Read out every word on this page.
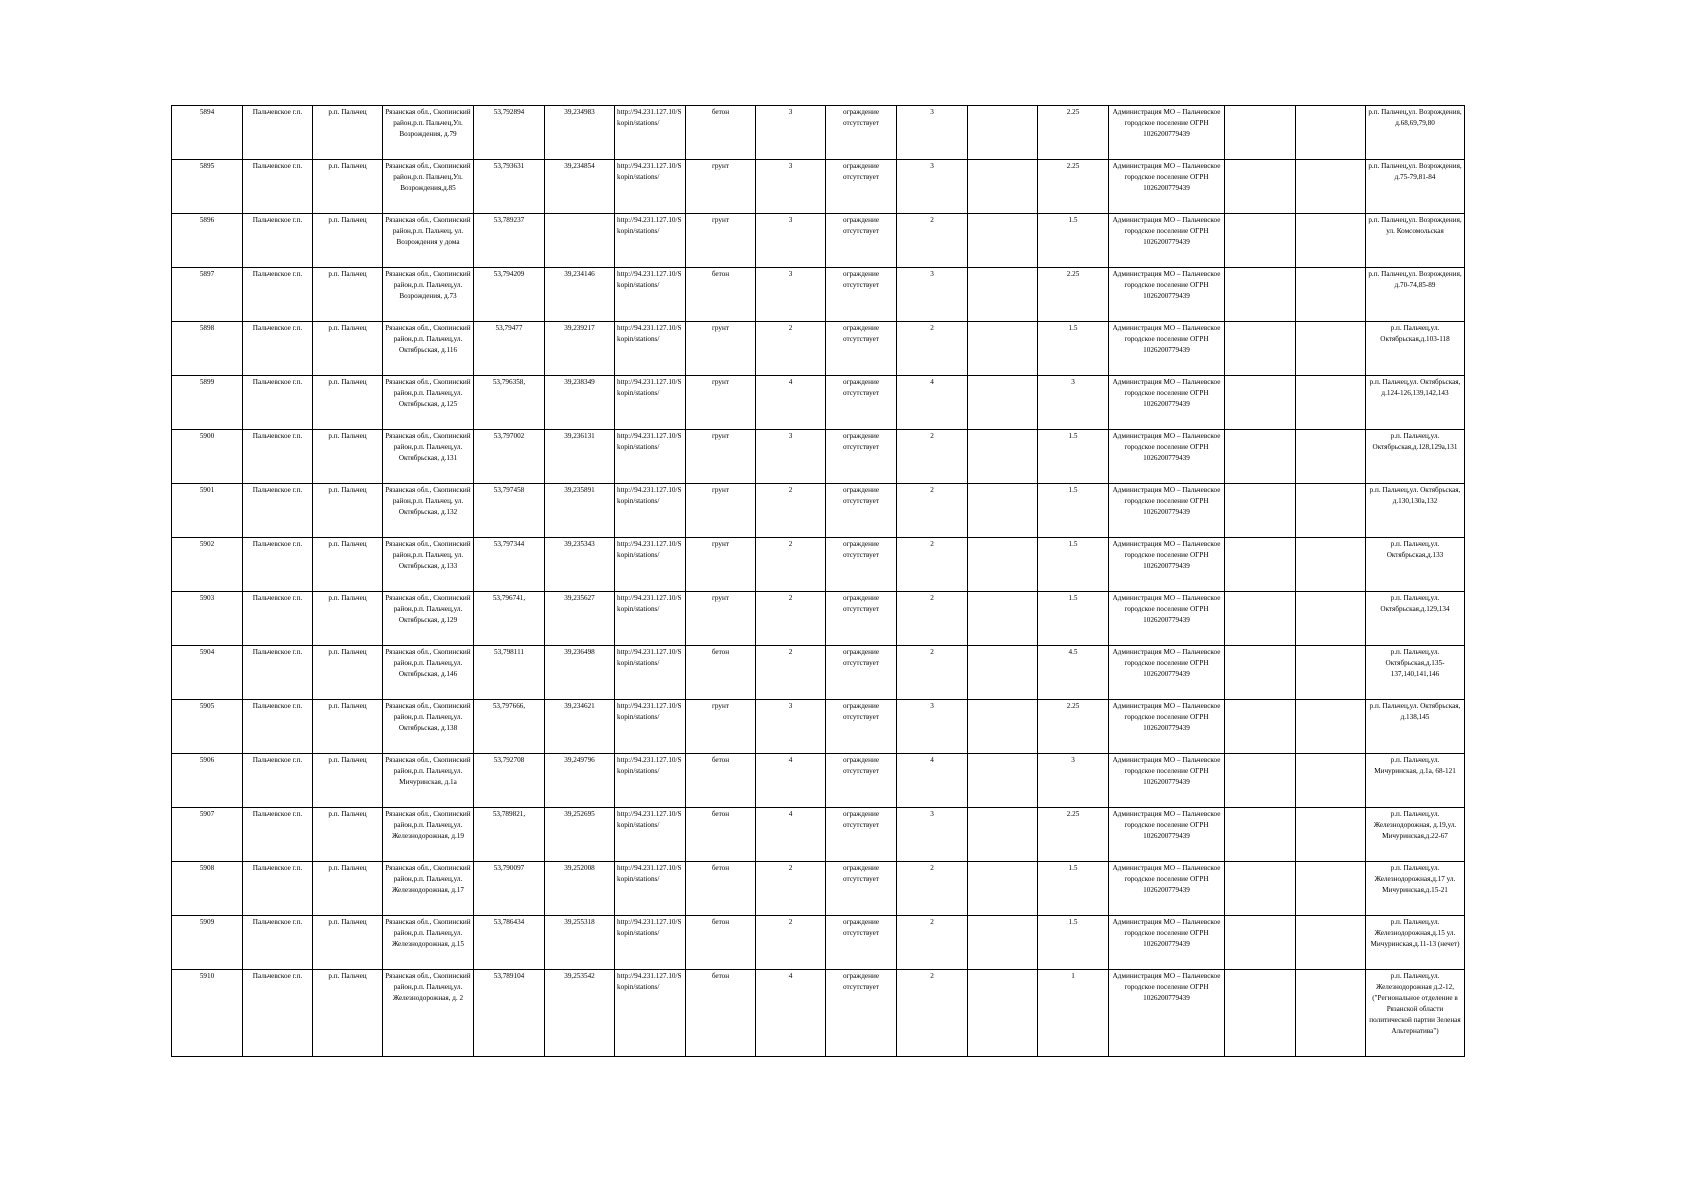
5894	Пальчевское г.п.	р.п. Пальчец	Рязанская обл., Скопинский район,р.п. Пальчец,Ул. Возрождения, д.79	53,792894	39,234983	http://94.231.127.10/Skopin/stations/	бетон	3	ограждение отсутствует	3		2.25	Администрация МО – Пальчевское городское поселение ОГРН 1026200779439			р.п. Пальчец,ул. Возрождения, д.68,69,79,80
5895	Пальчевское г.п.	р.п. Пальчец	Рязанская обл., Скопинский район,р.п. Пальчец,Ул. Возрождения,д.85	53,793631	39,234854	http://94.231.127.10/Skopin/stations/	грунт	3	ограждение отсутствует	3		2.25	Администрация МО – Пальчевское городское поселение ОГРН 1026200779439			р.п. Пальчец,ул. Возрождения, д.75-79,81-84
5896	Пальчевское г.п.	р.п. Пальчец	Рязанская обл., Скопинский район,р.п. Пальчец, ул. Возрождения у дома	53,789237		http://94.231.127.10/Skopin/stations/	грунт	3	ограждение отсутствует	2		1.5	Администрация МО – Пальчевское городское поселение ОГРН 1026200779439			р.п. Пальчец,ул. Возрождения, ул. Комсомольская
5897	Пальчевское г.п.	р.п. Пальчец	Рязанская обл., Скопинский район,р.п. Пальчец,ул. Возрождения, д.73	53,794209	39,234146	http://94.231.127.10/Skopin/stations/	бетон	3	ограждение отсутствует	3		2.25	Администрация МО – Пальчевское городское поселение ОГРН 1026200779439			р.п. Пальчец,ул. Возрождения, д.70-74,85-89
5898	Пальчевское г.п.	р.п. Пальчец	Рязанская обл., Скопинский район,р.п. Пальчец,ул. Октябрьская, д.116	53,79477	39,239217	http://94.231.127.10/Skopin/stations/	грунт	2	ограждение отсутствует	2		1.5	Администрация МО – Пальчевское городское поселение ОГРН 1026200779439			р.п. Пальчец,ул. Октябрьская,д.103-118
5899	Пальчевское г.п.	р.п. Пальчец	Рязанская обл., Скопинский район,р.п. Пальчец,ул. Октябрьская, д.125	53,796358,	39,238349	http://94.231.127.10/Skopin/stations/	грунт	4	ограждение отсутствует	4		3	Администрация МО – Пальчевское городское поселение ОГРН 1026200779439			р.п. Пальчец,ул. Октябрьская, д.124-126,139,142,143
5900	Пальчевское г.п.	р.п. Пальчец	Рязанская обл., Скопинский район,р.п. Пальчец,ул. Октябрьская, д.131	53,797002	39,236131	http://94.231.127.10/Skopin/stations/	грунт	3	ограждение отсутствует	2		1.5	Администрация МО – Пальчевское городское поселение ОГРН 1026200779439			р.п. Пальчец,ул. Октябрьская,д.128,129а,131
5901	Пальчевское г.п.	р.п. Пальчец	Рязанская обл., Скопинский район,р.п. Пальчец, ул. Октябрьская, д.132	53,797458	39,235891	http://94.231.127.10/Skopin/stations/	грунт	2	ограждение отсутствует	2		1.5	Администрация МО – Пальчевское городское поселение ОГРН 1026200779439			р.п. Пальчец,ул. Октябрьская, д.130,130а,132
5902	Пальчевское г.п.	р.п. Пальчец	Рязанская обл., Скопинский район,р.п. Пальчец, ул. Октябрьская, д.133	53,797344	39,235343	http://94.231.127.10/Skopin/stations/	грунт	2	ограждение отсутствует	2		1.5	Администрация МО – Пальчевское городское поселение ОГРН 1026200779439			р.п. Пальчец,ул. Октябрьская,д.133
5903	Пальчевское г.п.	р.п. Пальчец	Рязанская обл., Скопинский район,р.п. Пальчец,ул. Октябрьская, д.129	53,796741,	39,235627	http://94.231.127.10/Skopin/stations/	грунт	2	ограждение отсутствует	2		1.5	Администрация МО – Пальчевское городское поселение ОГРН 1026200779439			р.п. Пальчец,ул. Октябрьская,д.129,134
5904	Пальчевское г.п.	р.п. Пальчец	Рязанская обл., Скопинский район,р.п. Пальчец,ул. Октябрьская, д.146	53,798111	39,236498	http://94.231.127.10/Skopin/stations/	бетон	2	ограждение отсутствует	2		4.5	Администрация МО – Пальчевское городское поселение ОГРН 1026200779439			р.п. Пальчец,ул. Октябрьская,д.135-137,140,141,146
5905	Пальчевское г.п.	р.п. Пальчец	Рязанская обл., Скопинский район,р.п. Пальчец,ул. Октябрьская, д.138	53,797666,	39,234621	http://94.231.127.10/Skopin/stations/	грунт	3	ограждение отсутствует	3		2.25	Администрация МО – Пальчевское городское поселение ОГРН 1026200779439			р.п. Пальчец,ул. Октябрьская, д.138,145
5906	Пальчевское г.п.	р.п. Пальчец	Рязанская обл., Скопинский район,р.п. Пальчец,ул. Мичуринская, д.1а	53,792708	39,249796	http://94.231.127.10/Skopin/stations/	бетон	4	ограждение отсутствует	4		3	Администрация МО – Пальчевское городское поселение ОГРН 1026200779439			р.п. Пальчец,ул. Мичуринская, д.1а, 68-121
5907	Пальчевское г.п.	р.п. Пальчец	Рязанская обл., Скопинский район,р.п. Пальчец,ул. Железнодорожная, д.19	53,789821,	39,252695	http://94.231.127.10/Skopin/stations/	бетон	4	ограждение отсутствует	3		2.25	Администрация МО – Пальчевское городское поселение ОГРН 1026200779439			р.п. Пальчец,ул. Железнодорожная, д.19,ул. Мичуринская,д.22-67
5908	Пальчевское г.п.	р.п. Пальчец	Рязанская обл., Скопинский район,р.п. Пальчец,ул. Железнодорожная, д.17	53,790097	39,252008	http://94.231.127.10/Skopin/stations/	бетон	2	ограждение отсутствует	2		1.5	Администрация МО – Пальчевское городское поселение ОГРН 1026200779439			р.п. Пальчец,ул. Железнодорожная,д.17 ул. Мичуринская,д.15-21
5909	Пальчевское г.п.	р.п. Пальчец	Рязанская обл., Скопинский район,р.п. Пальчец,ул. Железнодорожная, д.15	53,786434	39,255318	http://94.231.127.10/Skopin/stations/	бетон	2	ограждение отсутствует	2		1.5	Администрация МО – Пальчевское городское поселение ОГРН 1026200779439			р.п. Пальчец,ул. Железнодорожная,д.15 ул. Мичуринская,д.11-13 (нечет)
5910	Пальчевское г.п.	р.п. Пальчец	Рязанская обл., Скопинский район,р.п. Пальчец,ул. Железнодорожная, д. 2	53,789104	39,253542	http://94.231.127.10/Skopin/stations/	бетон	4	ограждение отсутствует	2		1	Администрация МО – Пальчевское городское поселение ОГРН 1026200779439			р.п. Пальчец,ул. Железнодорожная д.2-12, ("Региональное отделение в Рязанской области политической партии Зеленая Альтернатива")
